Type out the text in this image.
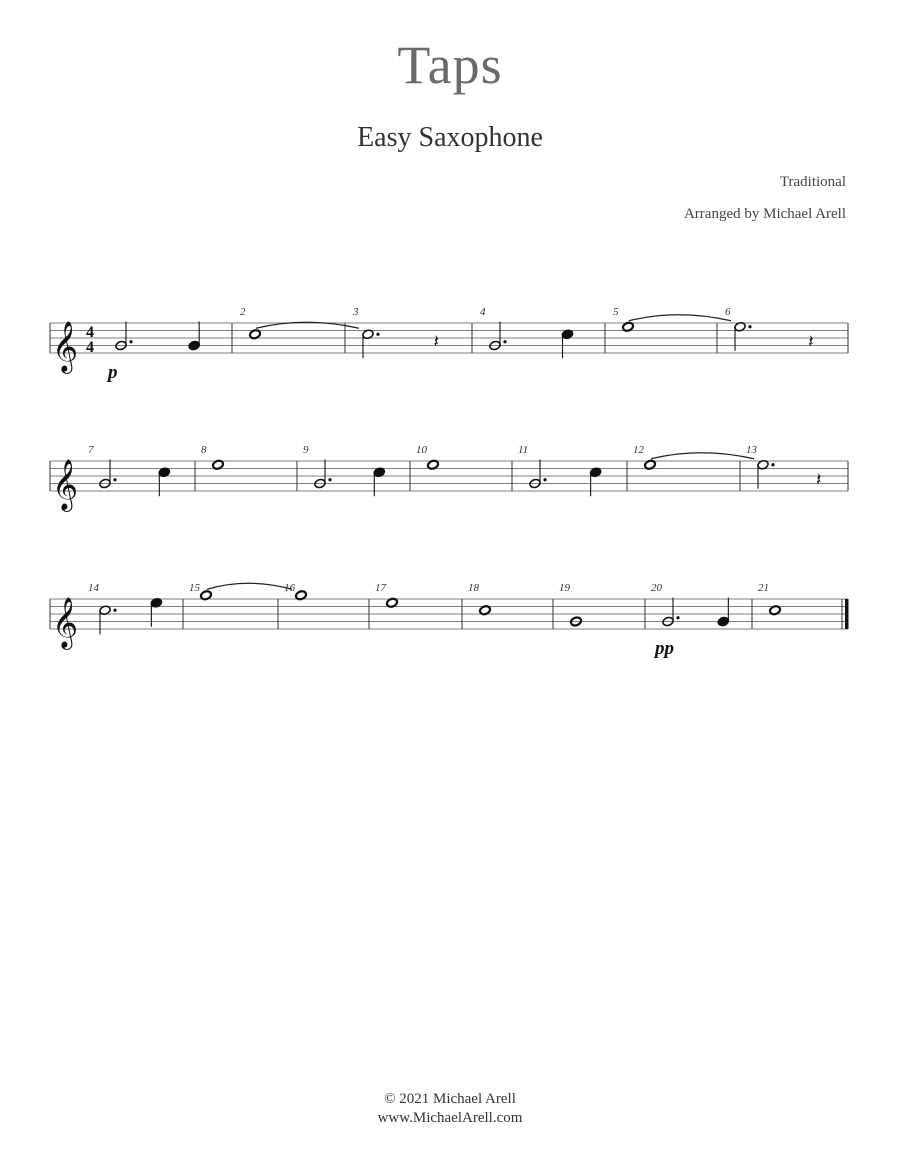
Taps
Easy Saxophone
Traditional
Arranged by Michael Arell
𝄞 4
4
p
2	3
𝄽
4	5	6
𝄽
𝄞
7	8	9	10	11	12	13
𝄽
𝄞
14	15	16	17	18	19	20
pp
21
© 2021 Michael Arell
www.MichaelArell.com
